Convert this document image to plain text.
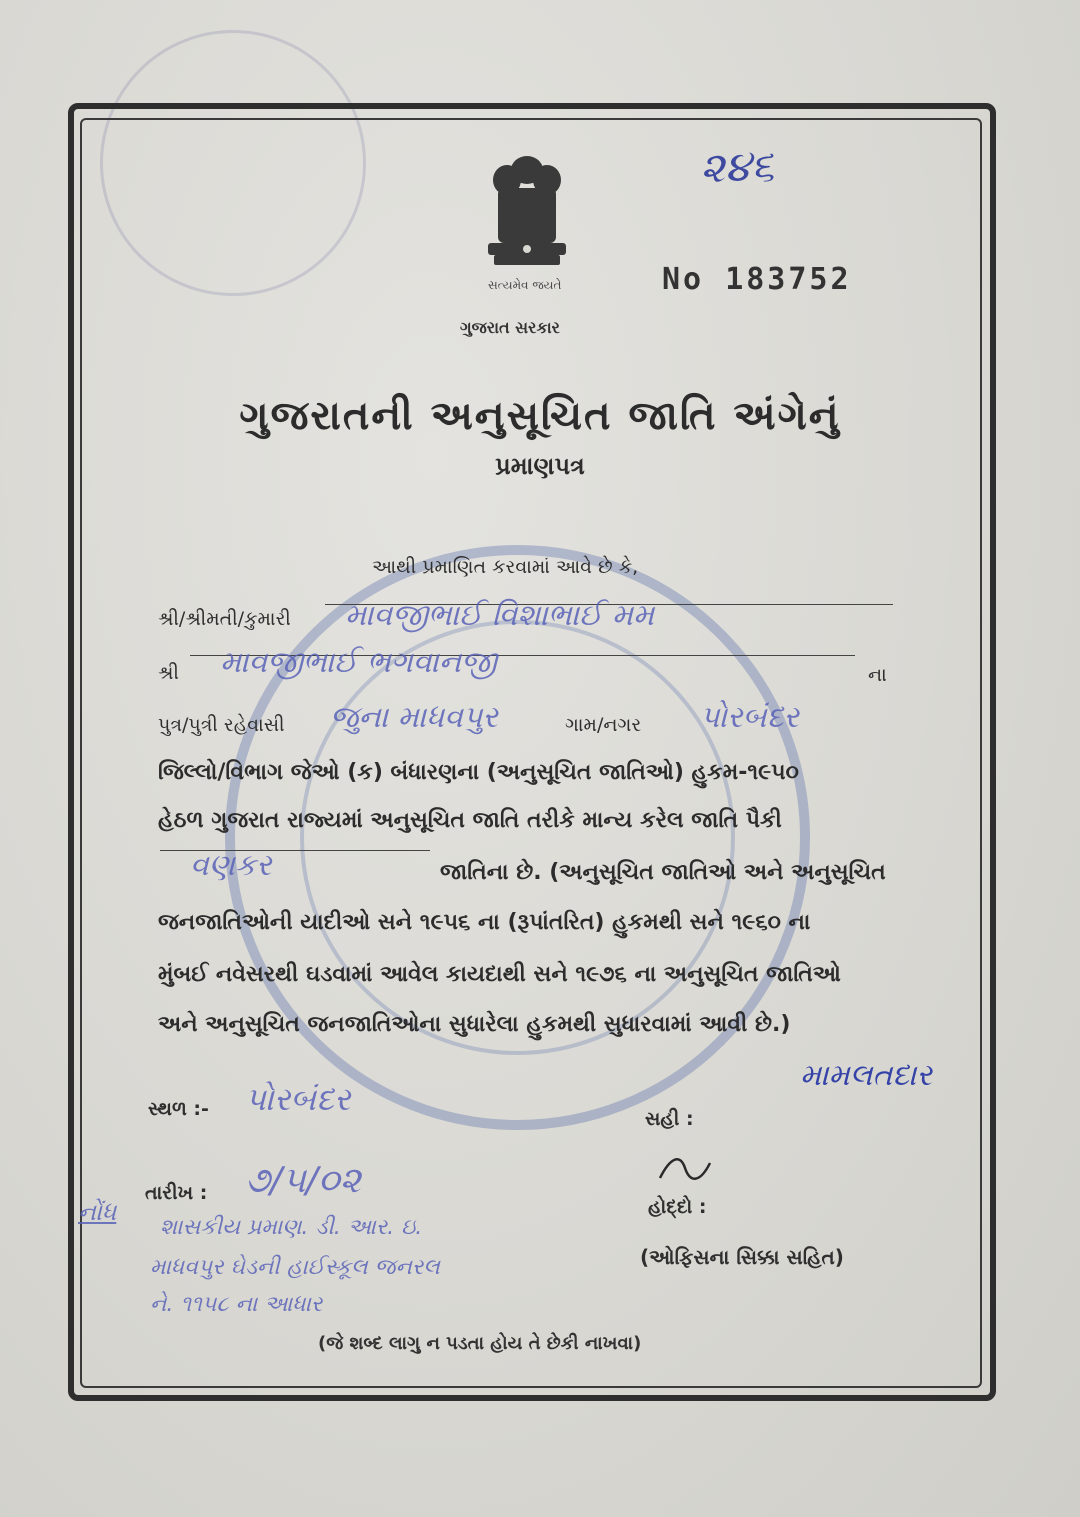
સત્યમેવ જયતે
ગુજરાત સરકાર
૨૪૬
No 183752
ગુજરાતની અનુસૂચિત જાતિ અંગેનું
પ્રમાણપત્ર
આથી પ્રમાણિત કરવામાં આવે છે કે,
શ્રી/શ્રીમતી/કુમારી માવજીભાઈ વિશાભાઈ મમ
શ્રી માવજીભાઈ ભગવાનજી	ના
પુત્ર/પુત્રી રહેવાસી જુના માધવપુર	ગામ/નગર પોરબંદર
જિલ્લો/વિભાગ જેઓ (ક) બંધારણના (અનુસૂચિત જાતિઓ) હુકમ-૧૯૫૦
હેઠળ ગુજરાત રાજ્યમાં અનુસૂચિત જાતિ તરીકે માન્ય કરેલ જાતિ પૈકી
વણકર	જાતિના છે. (અનુસૂચિત જાતિઓ અને અનુસૂચિત
જનજાતિઓની યાદીઓ સને ૧૯૫૬ ના (રૂપાંતરિત) હુકમથી સને ૧૯૬૦ ના
મુંબઈ નવેસરથી ઘડવામાં આવેલ કાયદાથી સને ૧૯૭૬ ના અનુસૂચિત જાતિઓ
અને અનુસૂચિત જનજાતિઓના સુધારેલા હુકમથી સુધારવામાં આવી છે.)
સ્થળ :- પોરબંદર
સહી :
મામલતદાર
તારીખ : ૭/૫/૦૨
હોદ્દો :
(ઓફિસના સિક્કા સહિત)
નોંધ
શાસકીય પ્રમાણ. ડી. આર. ઇ.
માધવપુર ઘેડની હાઈસ્કૂલ જનરલ
ને. ૧૧૫૮ ના આધાર
(જે શબ્દ લાગુ ન પડતા હોય તે છેકી નાખવા)
